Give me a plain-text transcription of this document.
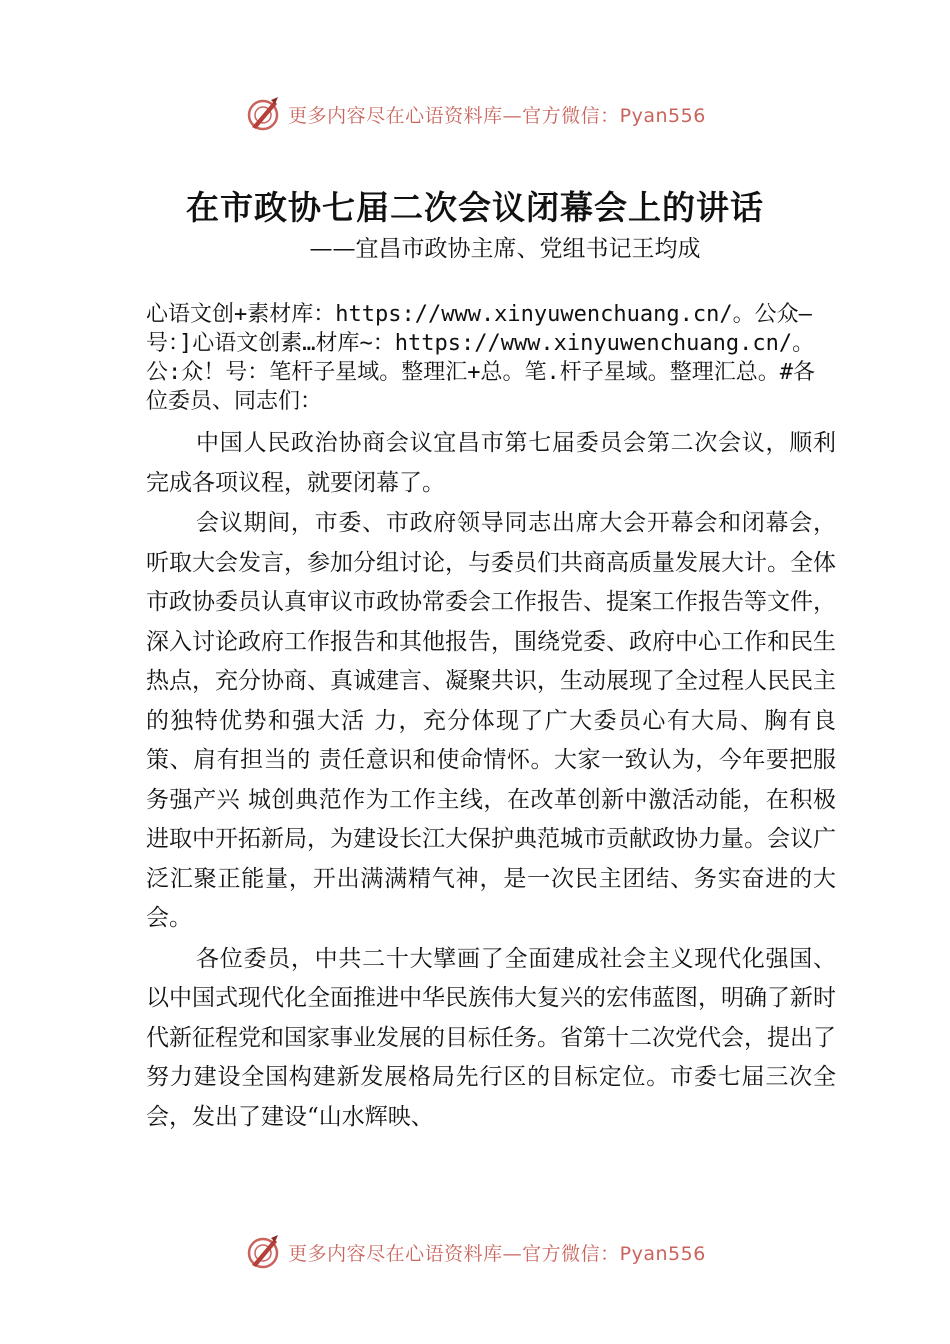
更多内容尽在心语资料库—官方微信：Pyan556
在市政协七届二次会议闭幕会上的讲话
——宜昌市政协主席、党组书记王均成

心语文创+素材库：https://www.xinyuwenchuang.cn/。公众—号：]心语文创素…材库~：https://www.xinyuwenchuang.cn/。公:众！号：笔杆子星域。整理汇+总。笔.杆子星域。整理汇总。#各位委员、同志们：

中国人民政治协商会议宜昌市第七届委员会第二次会议，顺利完成各项议程，就要闭幕了。

会议期间，市委、市政府领导同志出席大会开幕会和闭幕会，听取大会发言，参加分组讨论，与委员们共商高质量发展大计。全体市政协委员认真审议市政协常委会工作报告、提案工作报告等文件，深入讨论政府工作报告和其他报告，围绕党委、政府中心工作和民生热点，充分协商、真诚建言、凝聚共识，生动展现了全过程人民民主的独特优势和强大活 力，充分体现了广大委员心有大局、胸有良策、肩有担当的 责任意识和使命情怀。大家一致认为，今年要把服务强产兴 城创典范作为工作主线，在改革创新中激活动能，在积极进取中开拓新局，为建设长江大保护典范城市贡献政协力量。会议广泛汇聚正能量，开出满满精气神，是一次民主团结、务实奋进的大会。

各位委员，中共二十大擘画了全面建成社会主义现代化强国、以中国式现代化全面推进中华民族伟大复兴的宏伟蓝图，明确了新时代新征程党和国家事业发展的目标任务。省第十二次党代会，提出了努力建设全国构建新发展格局先行区的目标定位。市委七届三次全会，发出了建设“山水辉映、

更多内容尽在心语资料库—官方微信：Pyan556
